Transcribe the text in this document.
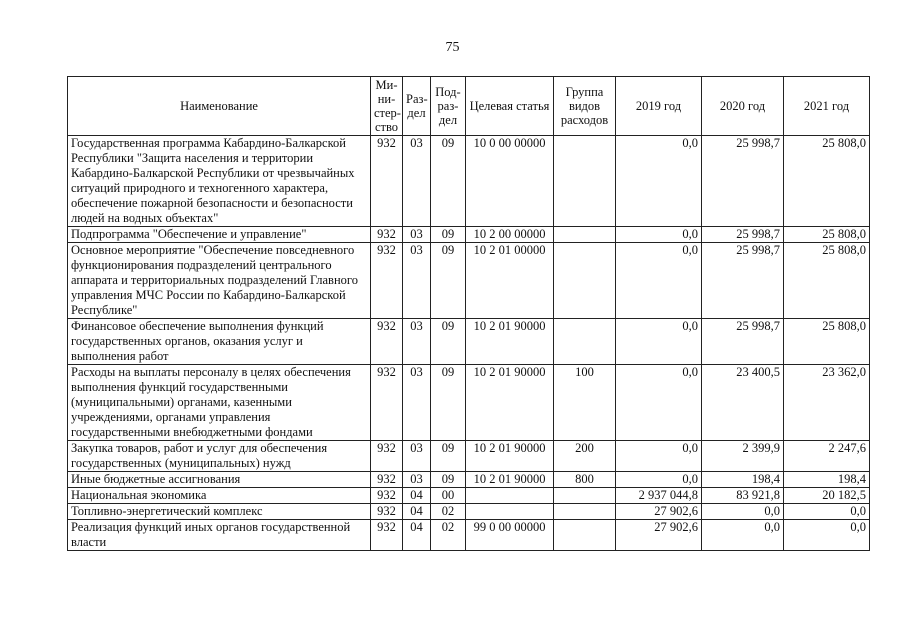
75
Наименование	Ми-ни-стер-ство	Раз-дел	Под-раз-дел	Целевая статья	Группа видов расходов	2019 год	2020 год	2021 год
Государственная программа Кабардино-Балкарской Республики "Защита населения и территории Кабардино-Балкарской Республики от чрезвычайных ситуаций природного и техногенного характера, обеспечение пожарной безопасности и безопасности людей на водных объектах"	932	03	09	10 0 00 00000		0,0	25 998,7	25 808,0
Подпрограмма "Обеспечение и управление"	932	03	09	10 2 00 00000		0,0	25 998,7	25 808,0
Основное мероприятие "Обеспечение повседневного функционирования подразделений центрального аппарата и территориальных подразделений Главного управления МЧС России по Кабардино-Балкарской Республике"	932	03	09	10 2 01 00000		0,0	25 998,7	25 808,0
Финансовое обеспечение выполнения функций государственных органов, оказания услуг и выполнения работ	932	03	09	10 2 01 90000		0,0	25 998,7	25 808,0
Расходы на выплаты персоналу в целях обеспечения выполнения функций государственными (муниципальными) органами, казенными учреждениями, органами управления государственными внебюджетными фондами	932	03	09	10 2 01 90000	100	0,0	23 400,5	23 362,0
Закупка товаров, работ и услуг для обеспечения государственных (муниципальных) нужд	932	03	09	10 2 01 90000	200	0,0	2 399,9	2 247,6
Иные бюджетные ассигнования	932	03	09	10 2 01 90000	800	0,0	198,4	198,4
Национальная экономика	932	04	00			2 937 044,8	83 921,8	20 182,5
Топливно-энергетический комплекс	932	04	02			27 902,6	0,0	0,0
Реализация функций иных органов государственной власти	932	04	02	99 0 00 00000		27 902,6	0,0	0,0
